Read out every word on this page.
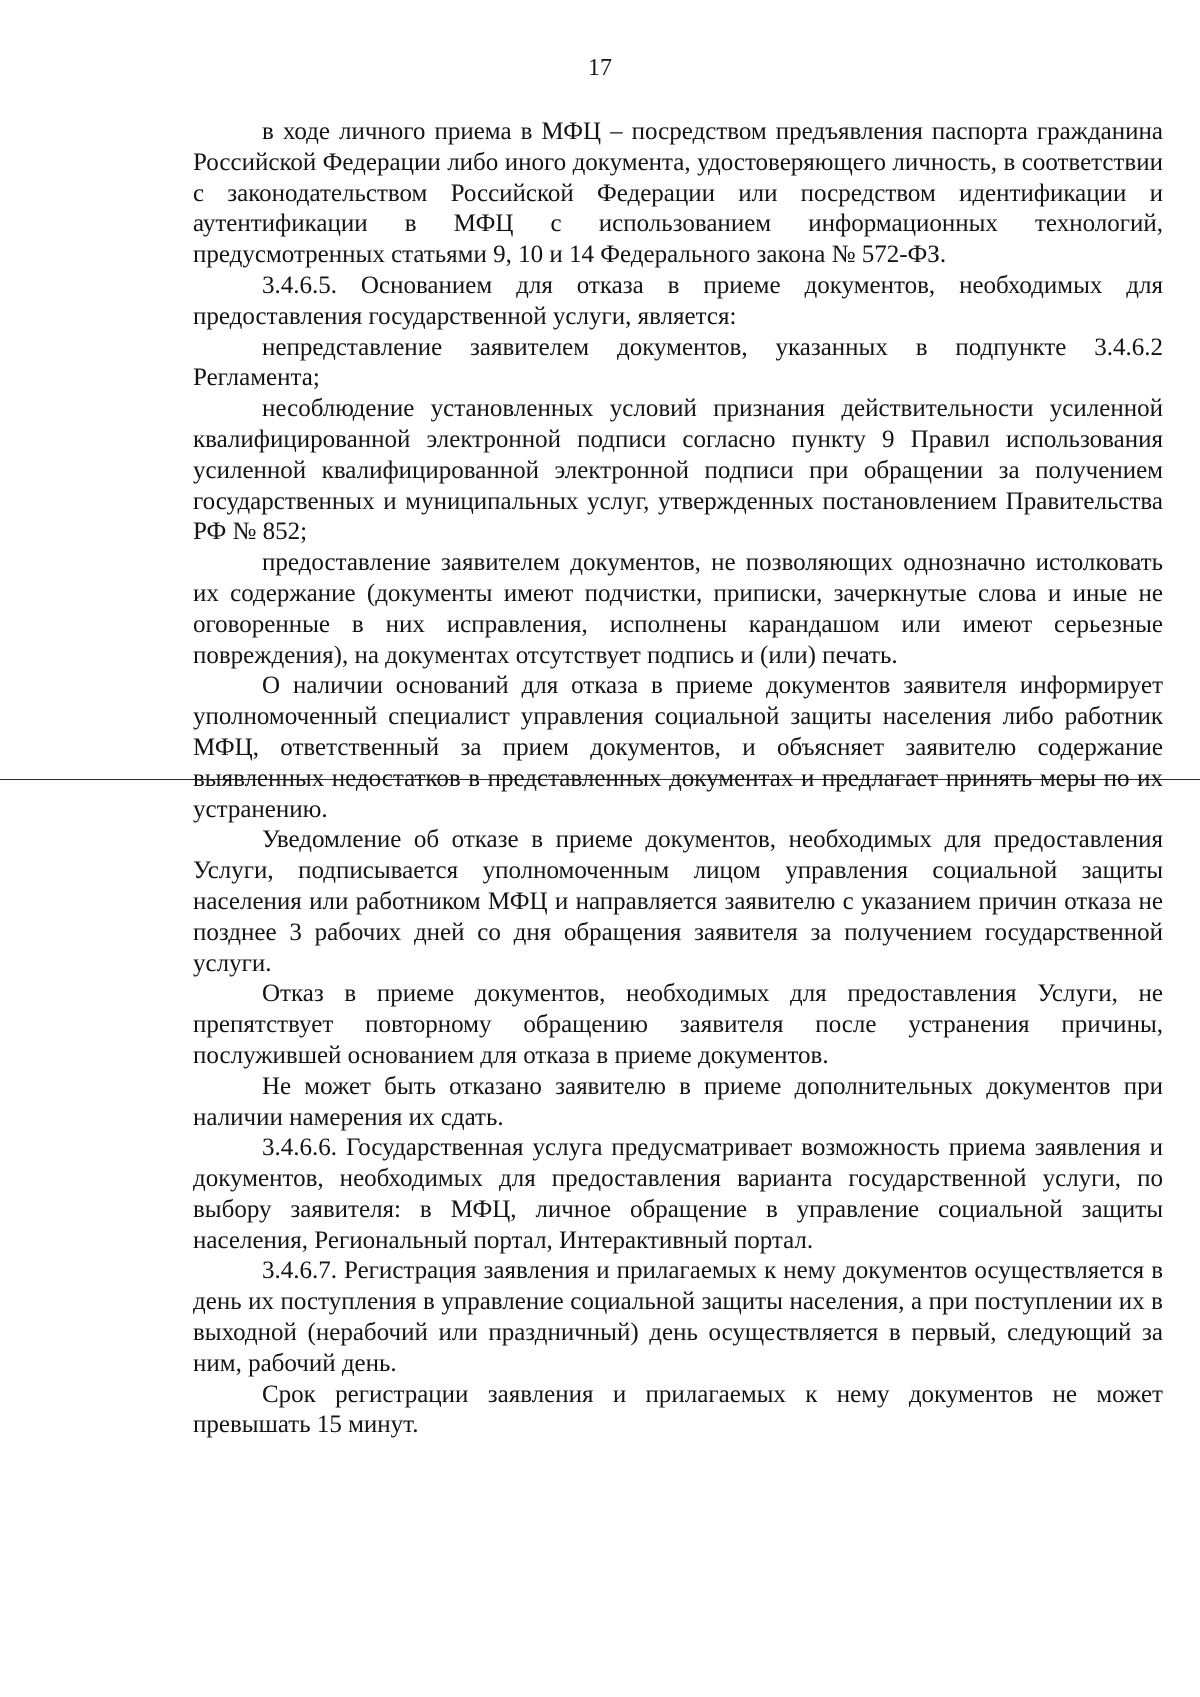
17

в ходе личного приема в МФЦ – посредством предъявления паспорта гражданина Российской Федерации либо иного документа, удостоверяющего личность, в соответствии с законодательством Российской Федерации или посредством идентификации и аутентификации в МФЦ с использованием информационных технологий, предусмотренных статьями 9, 10 и 14 Федерального закона № 572-ФЗ.

3.4.6.5. Основанием для отказа в приеме документов, необходимых для предоставления государственной услуги, является:

непредставление заявителем документов, указанных в подпункте 3.4.6.2 Регламента;

несоблюдение установленных условий признания действительности усиленной квалифицированной электронной подписи согласно пункту 9 Правил использования усиленной квалифицированной электронной подписи при обращении за получением государственных и муниципальных услуг, утвержденных постановлением Правительства РФ № 852;

предоставление заявителем документов, не позволяющих однозначно истолковать их содержание (документы имеют подчистки, приписки, зачеркнутые слова и иные не оговоренные в них исправления, исполнены карандашом или имеют серьезные повреждения), на документах отсутствует подпись и (или) печать.

О наличии оснований для отказа в приеме документов заявителя информирует уполномоченный специалист управления социальной защиты населения либо работник МФЦ, ответственный за прием документов, и объясняет заявителю содержание выявленных недостатков в представленных документах и предлагает принять меры по их устранению.

Уведомление об отказе в приеме документов, необходимых для предоставления Услуги, подписывается уполномоченным лицом управления социальной защиты населения или работником МФЦ и направляется заявителю с указанием причин отказа не позднее 3 рабочих дней со дня обращения заявителя за получением государственной услуги.

Отказ в приеме документов, необходимых для предоставления Услуги, не препятствует повторному обращению заявителя после устранения причины, послужившей основанием для отказа в приеме документов.

Не может быть отказано заявителю в приеме дополнительных документов при наличии намерения их сдать.

3.4.6.6. Государственная услуга предусматривает возможность приема заявления и документов, необходимых для предоставления варианта государственной услуги, по выбору заявителя: в МФЦ, личное обращение в управление социальной защиты населения, Региональный портал, Интерактивный портал.

3.4.6.7. Регистрация заявления и прилагаемых к нему документов осуществляется в день их поступления в управление социальной защиты населения, а при поступлении их в выходной (нерабочий или праздничный) день осуществляется в первый, следующий за ним, рабочий день.

Срок регистрации заявления и прилагаемых к нему документов не может превышать 15 минут.
